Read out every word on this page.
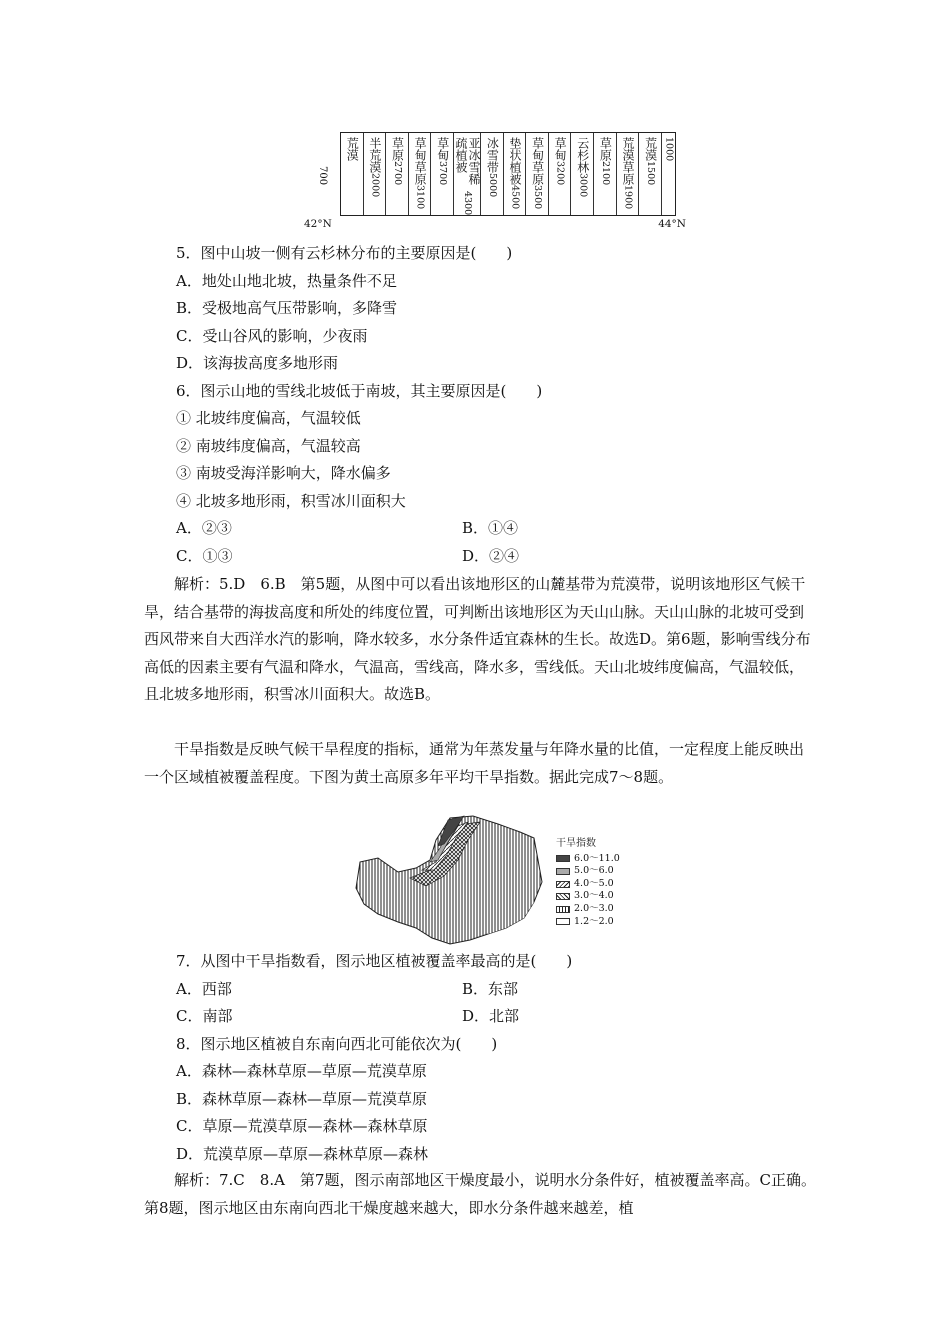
700
荒漠 半荒漠
2000
草原
2700 草甸草原
3100
草甸
3700	亚冰雪稀疏植被
4300
冰雪带
5000
垫状植被
4500
草甸草原
3500
草甸
3200
云杉林
3000
草原
2100 荒漠草原
1900
荒漠
1500
1000
42°N	44°N
5．图中山坡一侧有云杉林分布的主要原因是(　　)
A．地处山地北坡，热量条件不足
B．受极地高气压带影响，多降雪
C．受山谷风的影响，少夜雨
D．该海拔高度多地形雨
6．图示山地的雪线北坡低于南坡，其主要原因是(　　)
① 北坡纬度偏高，气温较低
② 南坡纬度偏高，气温较高
③ 南坡受海洋影响大，降水偏多
④ 北坡多地形雨，积雪冰川面积大
A．②③	B．①④
C．①③	D．②④
解析：5.D　6.B　第5题，从图中可以看出该地形区的山麓基带为荒漠带，说明该地形区气候干旱，结合基带的海拔高度和所处的纬度位置，可判断出该地形区为天山山脉。天山山脉的北坡可受到西风带来自大西洋水汽的影响，降水较多，水分条件适宜森林的生长。故选D。第6题，影响雪线分布高低的因素主要有气温和降水，气温高，雪线高，降水多，雪线低。天山北坡纬度偏高，气温较低，且北坡多地形雨，积雪冰川面积大。故选B。
干旱指数是反映气候干旱程度的指标，通常为年蒸发量与年降水量的比值，一定程度上能反映出一个区域植被覆盖程度。下图为黄土高原多年平均干旱指数。据此完成7～8题。
干旱指数
6.0～11.0
5.0～6.0
4.0～5.0
3.0～4.0
2.0～3.0
1.2～2.0
7．从图中干旱指数看，图示地区植被覆盖率最高的是(　　)
A．西部	B．东部
C．南部	D．北部
8．图示地区植被自东南向西北可能依次为(　　)
A．森林—森林草原—草原—荒漠草原
B．森林草原—森林—草原—荒漠草原
C．草原—荒漠草原—森林—森林草原
D．荒漠草原—草原—森林草原—森林
解析：7.C　8.A　第7题，图示南部地区干燥度最小，说明水分条件好，植被覆盖率高。C正确。第8题，图示地区由东南向西北干燥度越来越大，即水分条件越来越差，植
